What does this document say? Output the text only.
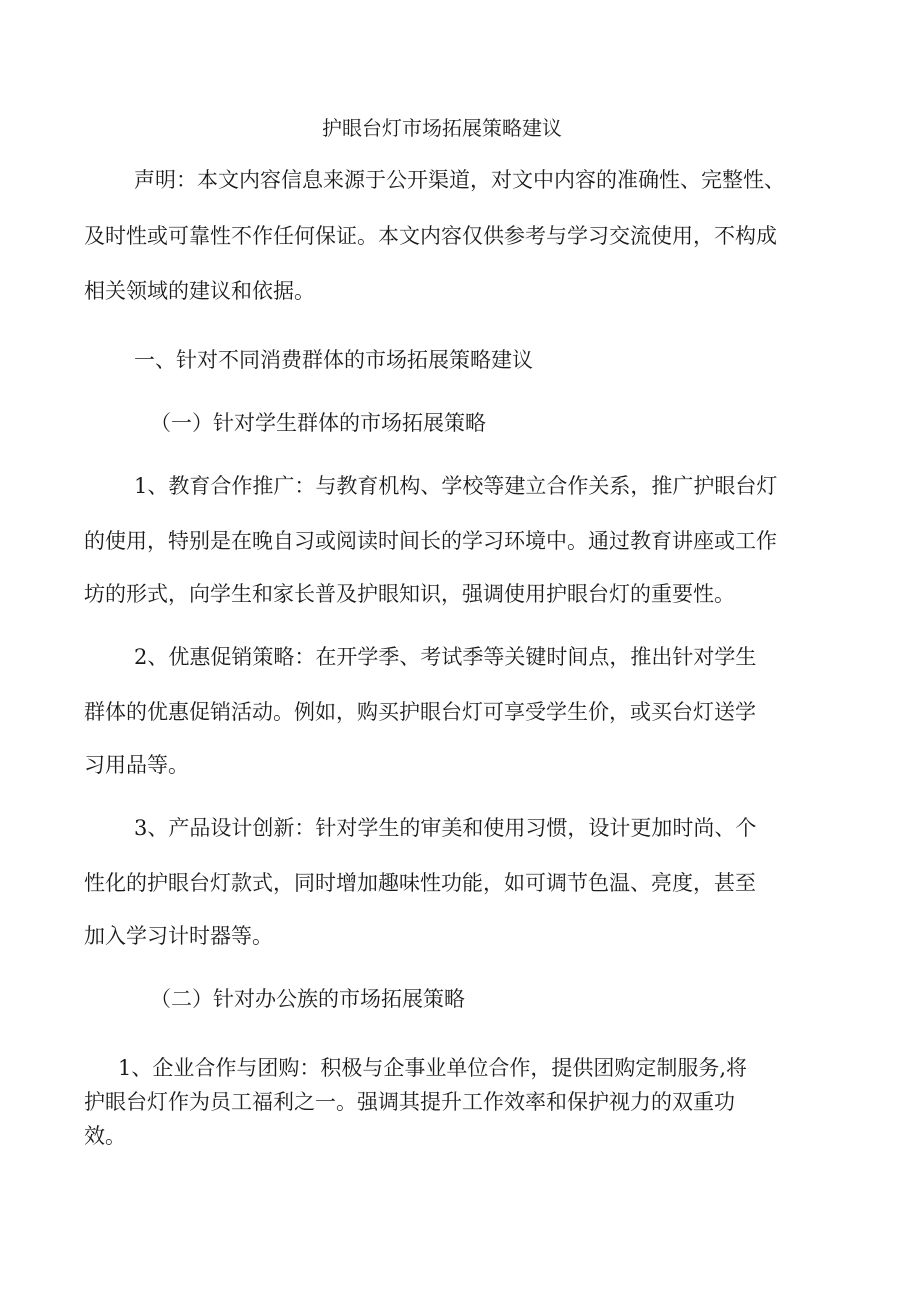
护眼台灯市场拓展策略建议

声明：本文内容信息来源于公开渠道，对文中内容的准确性、完整性、

及时性或可靠性不作任何保证。本文内容仅供参考与学习交流使用，不构成

相关领域的建议和依据。

一、针对不同消费群体的市场拓展策略建议

（一）针对学生群体的市场拓展策略

1、教育合作推广：与教育机构、学校等建立合作关系，推广护眼台灯

的使用，特别是在晚自习或阅读时间长的学习环境中。通过教育讲座或工作

坊的形式，向学生和家长普及护眼知识，强调使用护眼台灯的重要性。

2、优惠促销策略：在开学季、考试季等关键时间点，推出针对学生

群体的优惠促销活动。例如，购买护眼台灯可享受学生价，或买台灯送学

习用品等。

3、产品设计创新：针对学生的审美和使用习惯，设计更加时尚、个

性化的护眼台灯款式，同时增加趣味性功能，如可调节色温、亮度，甚至

加入学习计时器等。

（二）针对办公族的市场拓展策略

1、企业合作与团购：积极与企事业单位合作，提供团购定制服务,将

护眼台灯作为员工福利之一。强调其提升工作效率和保护视力的双重功

效。
